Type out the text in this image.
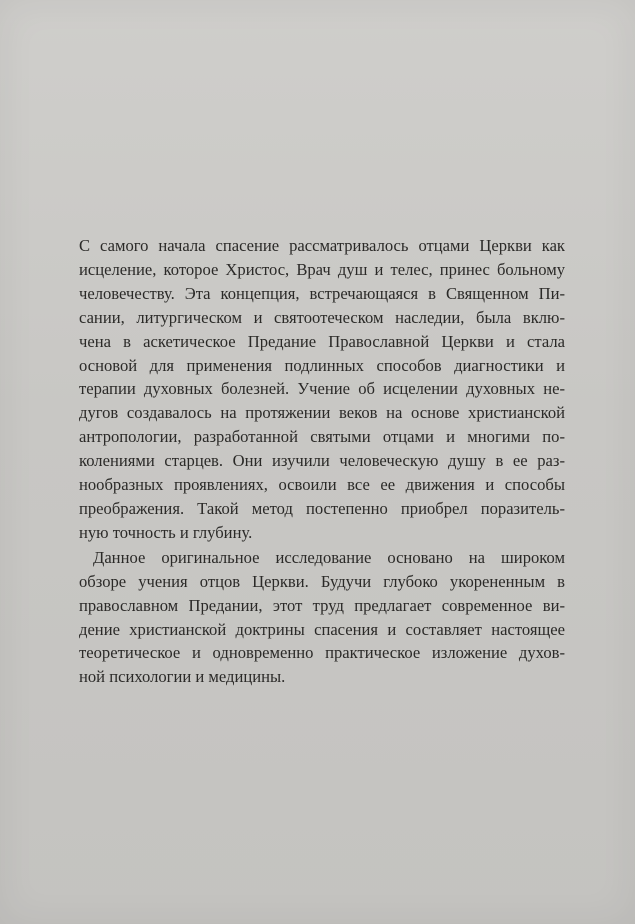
С самого начала спасение рассматривалось отцами Церкви как
исцеление, которое Христос, Врач душ и телес, принес больному
человечеству. Эта концепция, встречающаяся в Священном Пи-
сании, литургическом и святоотеческом наследии, была вклю-
чена в аскетическое Предание Православной Церкви и стала
основой для применения подлинных способов диагностики и
терапии духовных болезней. Учение об исцелении духовных не-
дугов создавалось на протяжении веков на основе христианской
антропологии, разработанной святыми отцами и многими по-
колениями старцев. Они изучили человеческую душу в ее раз-
нообразных проявлениях, освоили все ее движения и способы
преображения. Такой метод постепенно приобрел поразитель-
ную точность и глубину.
Данное оригинальное исследование основано на широком
обзоре учения отцов Церкви. Будучи глубоко укорененным в
православном Предании, этот труд предлагает современное ви-
дение христианской доктрины спасения и составляет настоящее
теоретическое и одновременно практическое изложение духов-
ной психологии и медицины.
